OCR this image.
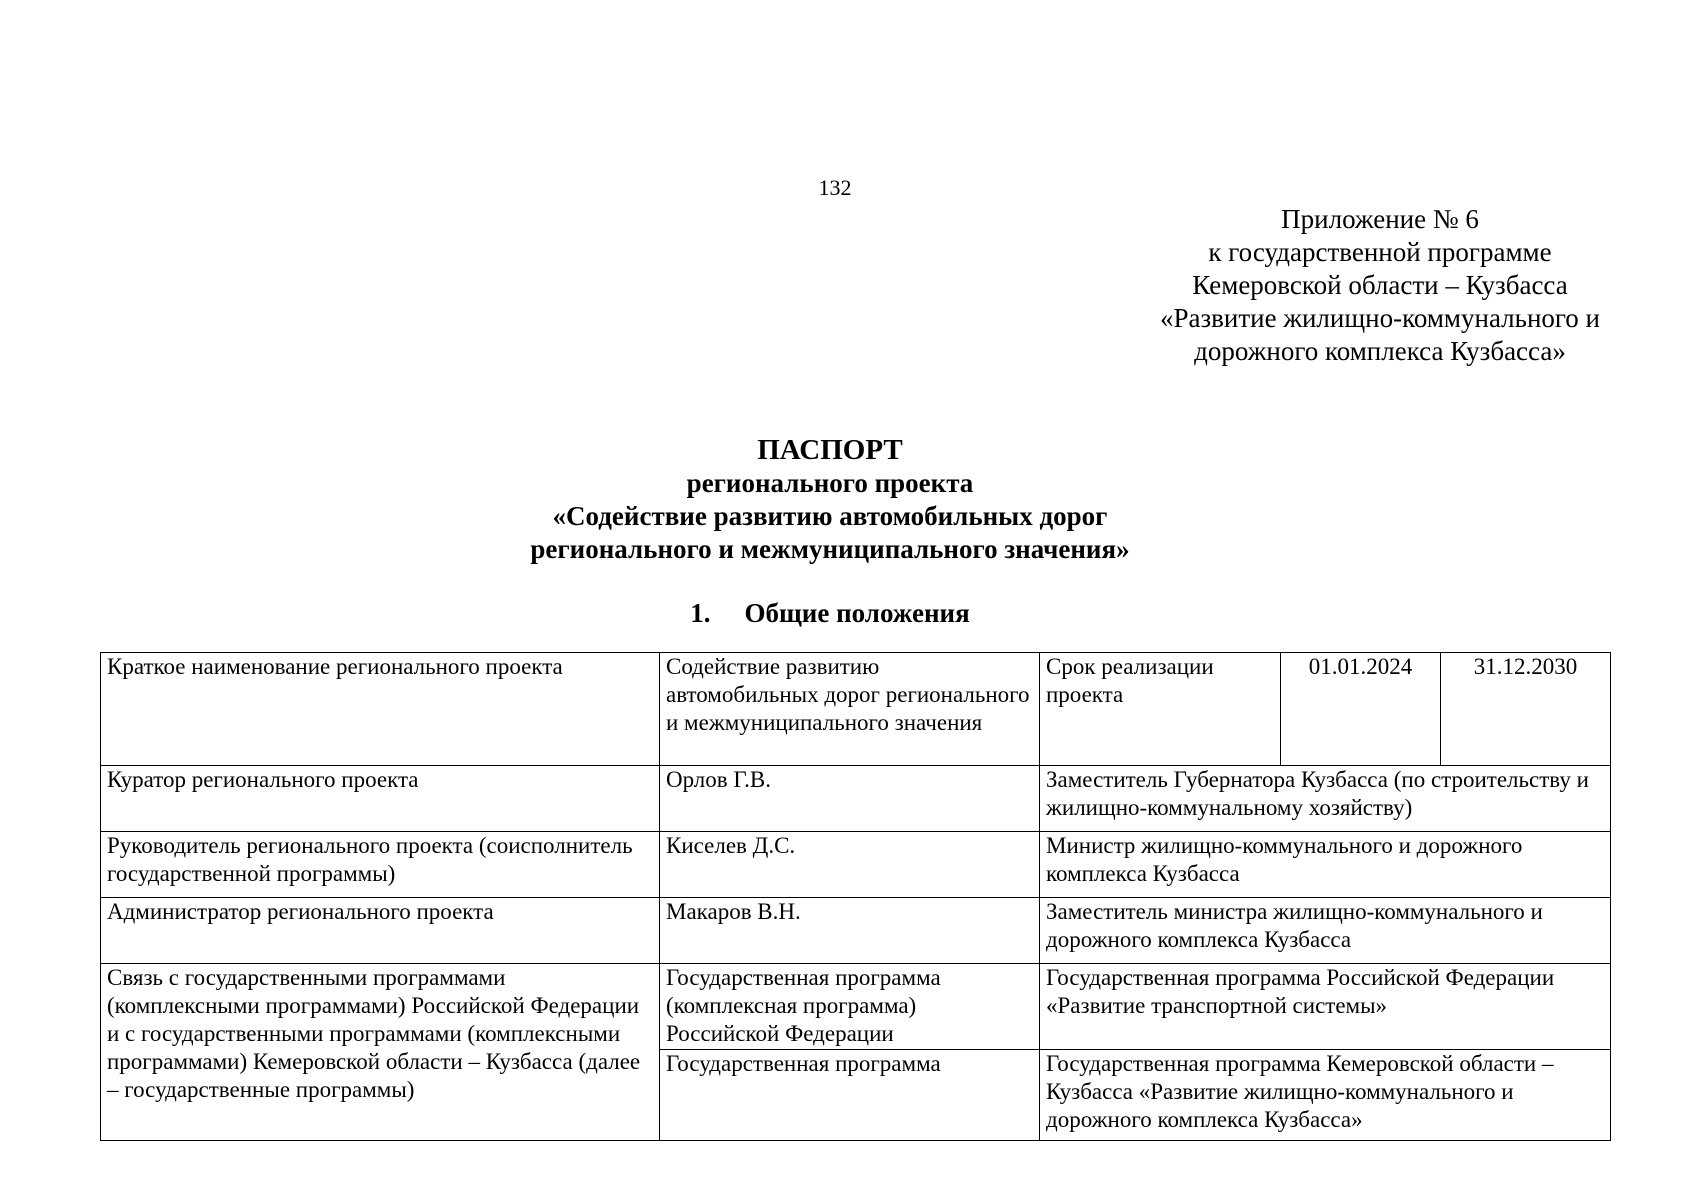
132
Приложение № 6
к государственной программе
Кемеровской области – Кузбасса
«Развитие жилищно-коммунального и
дорожного комплекса Кузбасса»
ПАСПОРТ
регионального проекта
«Содействие развитию автомобильных дорог
регионального и межмуниципального значения»
1. Общие положения
Краткое наименование регионального проекта	Содействие развитию автомобильных дорог регионального и межмуниципального значения	Срок реализации проекта	01.01.2024	31.12.2030
Куратор регионального проекта	Орлов Г.В.	Заместитель Губернатора Кузбасса (по строительству и жилищно-коммунальному хозяйству)		
Руководитель регионального проекта (соисполнитель государственной программы)	Киселев Д.С.	Министр жилищно-коммунального и дорожного комплекса Кузбасса		
Администратор регионального проекта	Макаров В.Н.	Заместитель министра жилищно-коммунального и дорожного комплекса Кузбасса		
Связь с государственными программами (комплексными программами) Российской Федерации и с государственными программами (комплексными программами) Кемеровской области – Кузбасса (далее – государственные программы)	Государственная программа (комплексная программа) Российской Федерации	Государственная программа Российской Федерации «Развитие транспортной системы»		
	Государственная программа	Государственная программа Кемеровской области – Кузбасса «Развитие жилищно-коммунального и дорожного комплекса Кузбасса»		
